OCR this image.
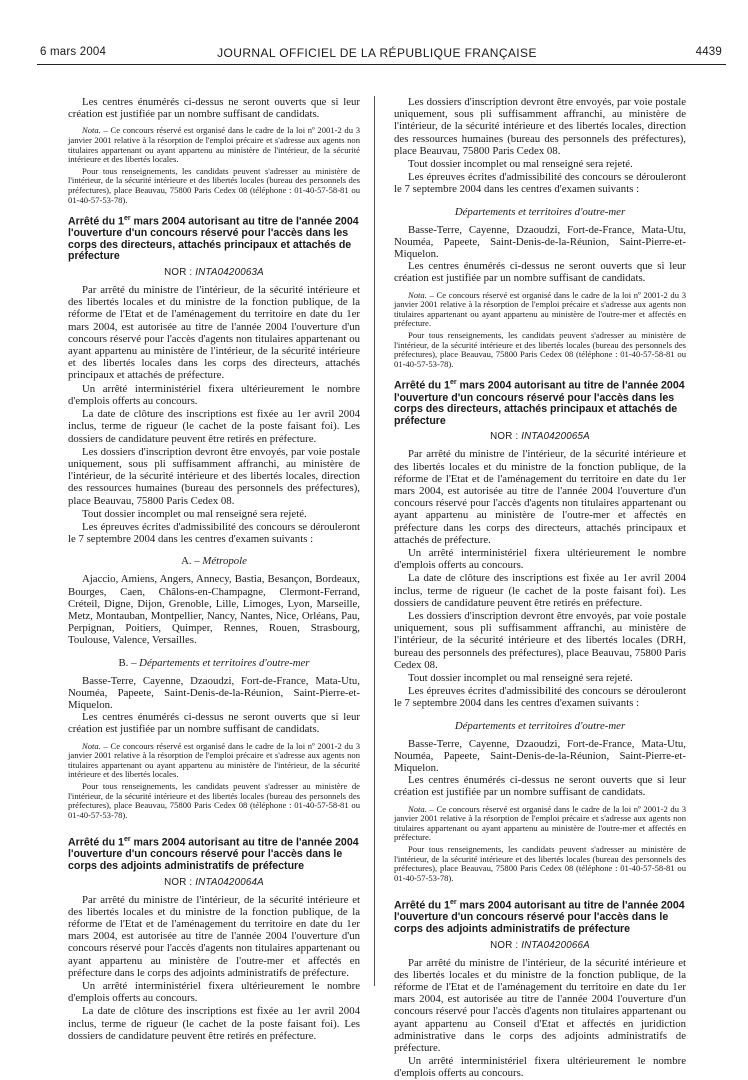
6 mars 2004	JOURNAL OFFICIEL DE LA RÉPUBLIQUE FRANÇAISE	4439

Les centres énumérés ci-dessus ne seront ouverts que si leur création est justifiée par un nombre suffisant de candidats.

Nota. – Ce concours réservé est organisé dans le cadre de la loi nº 2001-2 du 3 janvier 2001 relative à la résorption de l'emploi précaire et s'adresse aux agents non titulaires appartenant ou ayant appartenu au ministère de l'intérieur, de la sécurité intérieure et des libertés locales.

Pour tous renseignements, les candidats peuvent s'adresser au ministère de l'intérieur, de la sécurité intérieure et des libertés locales (bureau des personnels des préfectures), place Beauvau, 75800 Paris Cedex 08 (téléphone : 01-40-57-58-81 ou 01-40-57-53-78).

Arrêté du 1er mars 2004 autorisant au titre de l'année 2004 l'ouverture d'un concours réservé pour l'accès dans les corps des directeurs, attachés principaux et attachés de préfecture

NOR : INTA0420063A

Par arrêté du ministre de l'intérieur, de la sécurité intérieure et des libertés locales et du ministre de la fonction publique, de la réforme de l'Etat et de l'aménagement du territoire en date du 1er mars 2004, est autorisée au titre de l'année 2004 l'ouverture d'un concours réservé pour l'accès d'agents non titulaires appartenant ou ayant appartenu au ministère de l'intérieur, de la sécurité intérieure et des libertés locales dans les corps des directeurs, attachés principaux et attachés de préfecture.

Un arrêté interministériel fixera ultérieurement le nombre d'emplois offerts au concours.

La date de clôture des inscriptions est fixée au 1er avril 2004 inclus, terme de rigueur (le cachet de la poste faisant foi). Les dossiers de candidature peuvent être retirés en préfecture.

Les dossiers d'inscription devront être envoyés, par voie postale uniquement, sous pli suffisamment affranchi, au ministère de l'intérieur, de la sécurité intérieure et des libertés locales, direction des ressources humaines (bureau des personnels des préfectures), place Beauvau, 75800 Paris Cedex 08.

Tout dossier incomplet ou mal renseigné sera rejeté.

Les épreuves écrites d'admissibilité des concours se dérouleront le 7 septembre 2004 dans les centres d'examen suivants :

A. – Métropole

Ajaccio, Amiens, Angers, Annecy, Bastia, Besançon, Bordeaux, Bourges, Caen, Châlons-en-Champagne, Clermont-Ferrand, Créteil, Digne, Dijon, Grenoble, Lille, Limoges, Lyon, Marseille, Metz, Montauban, Montpellier, Nancy, Nantes, Nice, Orléans, Pau, Perpignan, Poitiers, Quimper, Rennes, Rouen, Strasbourg, Toulouse, Valence, Versailles.

B. – Départements et territoires d'outre-mer

Basse-Terre, Cayenne, Dzaoudzi, Fort-de-France, Mata-Utu, Nouméa, Papeete, Saint-Denis-de-la-Réunion, Saint-Pierre-et-Miquelon.

Les centres énumérés ci-dessus ne seront ouverts que si leur création est justifiée par un nombre suffisant de candidats.

Nota. – Ce concours réservé est organisé dans le cadre de la loi nº 2001-2 du 3 janvier 2001 relative à la résorption de l'emploi précaire et s'adresse aux agents non titulaires appartenant ou ayant appartenu au ministère de l'intérieur, de la sécurité intérieure et des libertés locales.

Pour tous renseignements, les candidats peuvent s'adresser au ministère de l'intérieur, de la sécurité intérieure et des libertés locales (bureau des personnels des préfectures), place Beauvau, 75800 Paris Cedex 08 (téléphone : 01-40-57-58-81 ou 01-40-57-53-78).

Arrêté du 1er mars 2004 autorisant au titre de l'année 2004 l'ouverture d'un concours réservé pour l'accès dans le corps des adjoints administratifs de préfecture

NOR : INTA0420064A

Par arrêté du ministre de l'intérieur, de la sécurité intérieure et des libertés locales et du ministre de la fonction publique, de la réforme de l'Etat et de l'aménagement du territoire en date du 1er mars 2004, est autorisée au titre de l'année 2004 l'ouverture d'un concours réservé pour l'accès d'agents non titulaires appartenant ou ayant appartenu au ministère de l'outre-mer et affectés en préfecture dans le corps des adjoints administratifs de préfecture.

Un arrêté interministériel fixera ultérieurement le nombre d'emplois offerts au concours.

La date de clôture des inscriptions est fixée au 1er avril 2004 inclus, terme de rigueur (le cachet de la poste faisant foi). Les dossiers de candidature peuvent être retirés en préfecture.

Les dossiers d'inscription devront être envoyés, par voie postale uniquement, sous pli suffisamment affranchi, au ministère de l'intérieur, de la sécurité intérieure et des libertés locales, direction des ressources humaines (bureau des personnels des préfectures), place Beauvau, 75800 Paris Cedex 08.

Tout dossier incomplet ou mal renseigné sera rejeté.

Les épreuves écrites d'admissibilité des concours se dérouleront le 7 septembre 2004 dans les centres d'examen suivants :

Départements et territoires d'outre-mer

Basse-Terre, Cayenne, Dzaoudzi, Fort-de-France, Mata-Utu, Nouméa, Papeete, Saint-Denis-de-la-Réunion, Saint-Pierre-et-Miquelon.

Les centres énumérés ci-dessus ne seront ouverts que si leur création est justifiée par un nombre suffisant de candidats.

Nota. – Ce concours réservé est organisé dans le cadre de la loi nº 2001-2 du 3 janvier 2001 relative à la résorption de l'emploi précaire et s'adresse aux agents non titulaires appartenant ou ayant appartenu au ministère de l'outre-mer et affectés en préfecture.

Pour tous renseignements, les candidats peuvent s'adresser au ministère de l'intérieur, de la sécurité intérieure et des libertés locales (bureau des personnels des préfectures), place Beauvau, 75800 Paris Cedex 08 (téléphone : 01-40-57-58-81 ou 01-40-57-53-78).

Arrêté du 1er mars 2004 autorisant au titre de l'année 2004 l'ouverture d'un concours réservé pour l'accès dans les corps des directeurs, attachés principaux et attachés de préfecture

NOR : INTA0420065A

Par arrêté du ministre de l'intérieur, de la sécurité intérieure et des libertés locales et du ministre de la fonction publique, de la réforme de l'Etat et de l'aménagement du territoire en date du 1er mars 2004, est autorisée au titre de l'année 2004 l'ouverture d'un concours réservé pour l'accès d'agents non titulaires appartenant ou ayant appartenu au ministère de l'outre-mer et affectés en préfecture dans les corps des directeurs, attachés principaux et attachés de préfecture.

Un arrêté interministériel fixera ultérieurement le nombre d'emplois offerts au concours.

La date de clôture des inscriptions est fixée au 1er avril 2004 inclus, terme de rigueur (le cachet de la poste faisant foi). Les dossiers de candidature peuvent être retirés en préfecture.

Les dossiers d'inscription devront être envoyés, par voie postale uniquement, sous pli suffisamment affranchi, au ministère de l'intérieur, de la sécurité intérieure et des libertés locales (DRH, bureau des personnels des préfectures), place Beauvau, 75800 Paris Cedex 08.

Tout dossier incomplet ou mal renseigné sera rejeté.

Les épreuves écrites d'admissibilité des concours se dérouleront le 7 septembre 2004 dans les centres d'examen suivants :

Départements et territoires d'outre-mer

Basse-Terre, Cayenne, Dzaoudzi, Fort-de-France, Mata-Utu, Nouméa, Papeete, Saint-Denis-de-la-Réunion, Saint-Pierre-et-Miquelon.

Les centres énumérés ci-dessus ne seront ouverts que si leur création est justifiée par un nombre suffisant de candidats.

Nota. – Ce concours réservé est organisé dans le cadre de la loi nº 2001-2 du 3 janvier 2001 relative à la résorption de l'emploi précaire et s'adresse aux agents non titulaires appartenant ou ayant appartenu au ministère de l'outre-mer et affectés en préfecture.

Pour tous renseignements, les candidats peuvent s'adresser au ministère de l'intérieur, de la sécurité intérieure et des libertés locales (bureau des personnels des préfectures), place Beauvau, 75800 Paris Cedex 08 (téléphone : 01-40-57-58-81 ou 01-40-57-53-78).

Arrêté du 1er mars 2004 autorisant au titre de l'année 2004 l'ouverture d'un concours réservé pour l'accès dans le corps des adjoints administratifs de préfecture

NOR : INTA0420066A

Par arrêté du ministre de l'intérieur, de la sécurité intérieure et des libertés locales et du ministre de la fonction publique, de la réforme de l'Etat et de l'aménagement du territoire en date du 1er mars 2004, est autorisée au titre de l'année 2004 l'ouverture d'un concours réservé pour l'accès d'agents non titulaires appartenant ou ayant appartenu au Conseil d'Etat et affectés en juridiction administrative dans le corps des adjoints administratifs de préfecture.

Un arrêté interministériel fixera ultérieurement le nombre d'emplois offerts au concours.
